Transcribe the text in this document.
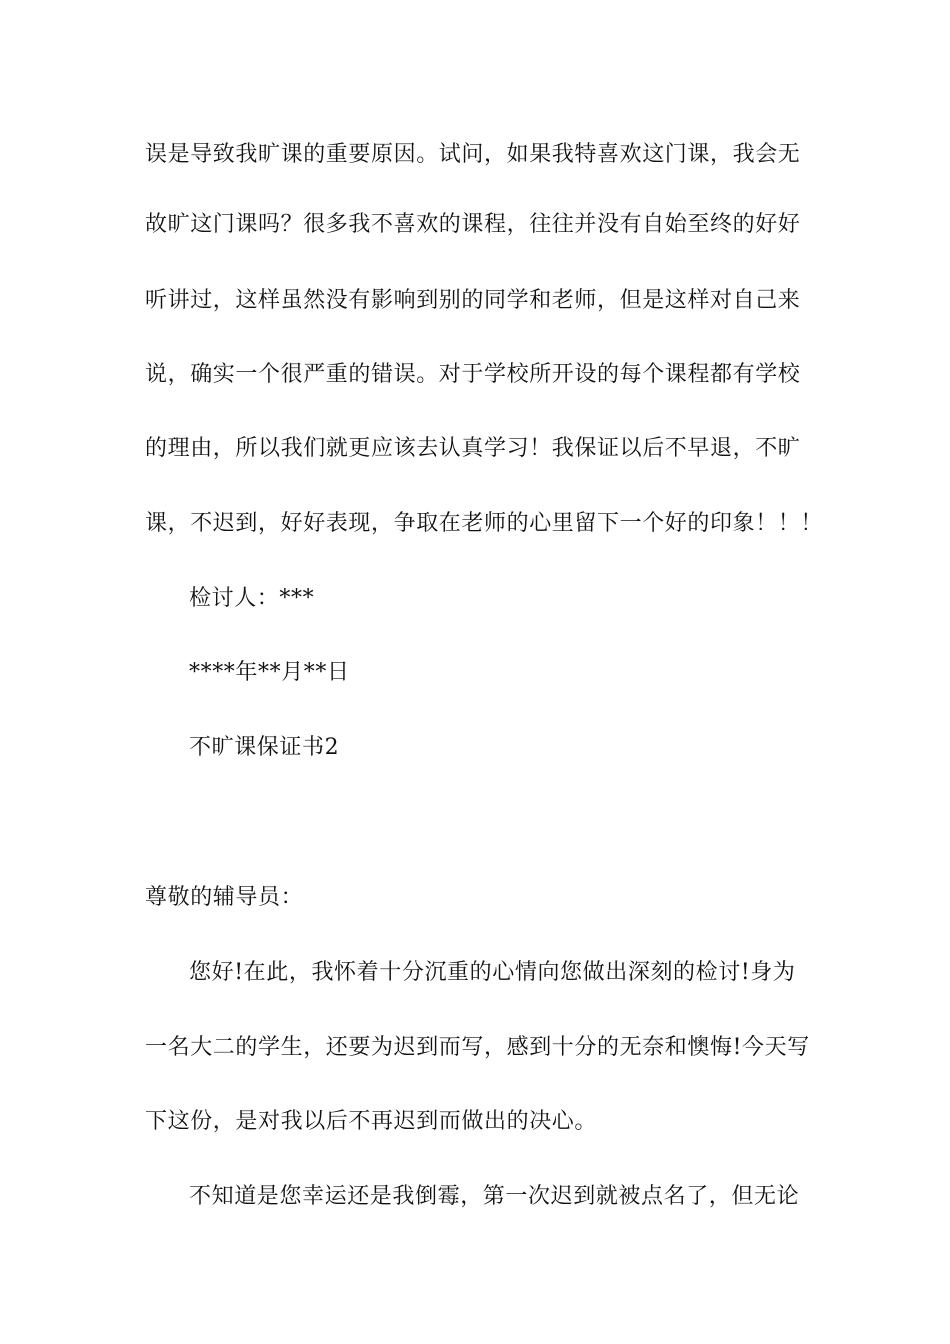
误是导致我旷课的重要原因。试问，如果我特喜欢这门课，我会无
故旷这门课吗？很多我不喜欢的课程，往往并没有自始至终的好好
听讲过，这样虽然没有影响到别的同学和老师，但是这样对自己来
说，确实一个很严重的错误。对于学校所开设的每个课程都有学校
的理由，所以我们就更应该去认真学习！我保证以后不早退，不旷
课，不迟到，好好表现，争取在老师的心里留下一个好的印象！！！
检讨人：***
****年**月**日
不旷课保证书2
尊敬的辅导员：
您好!在此，我怀着十分沉重的心情向您做出深刻的检讨!身为
一名大二的学生，还要为迟到而写，感到十分的无奈和懊悔!今天写
下这份，是对我以后不再迟到而做出的决心。
不知道是您幸运还是我倒霉，第一次迟到就被点名了，但无论
